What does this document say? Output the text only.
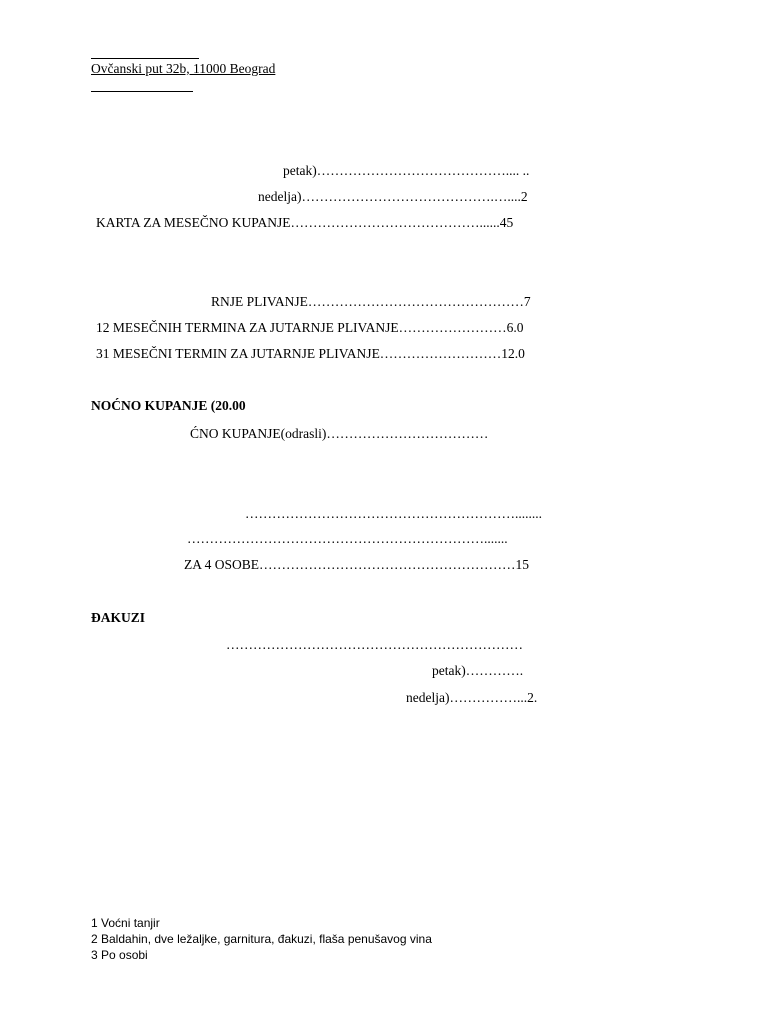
Ovčanski put 32b, 11000 Beograd
petak)…………………………………….... ..
nedelja)…………………………………….…....2
KARTA ZA MESEČNO KUPANJE……………………………………......45
RNJE PLIVANJE…………………………………………7
12 MESEČNIH TERMINA ZA JUTARNJE PLIVANJE……………………6.0
31 MESEČNI TERMIN ZA JUTARNJE PLIVANJE………………………12.0
NOĆNO KUPANJE (20.00
ĆNO KUPANJE(odrasli)………………………………
……………………………………………………........
………………………………………………………….......
ZA 4 OSOBE…………………………………………………15
ĐAKUZI
…………………………………………………………
petak)………….
nedelja)……………...2.
1 Voćni tanjir
2 Baldahin, dve ležaljke, garnitura, đakuzi, flaša penušavog vina
3 Po osobi
